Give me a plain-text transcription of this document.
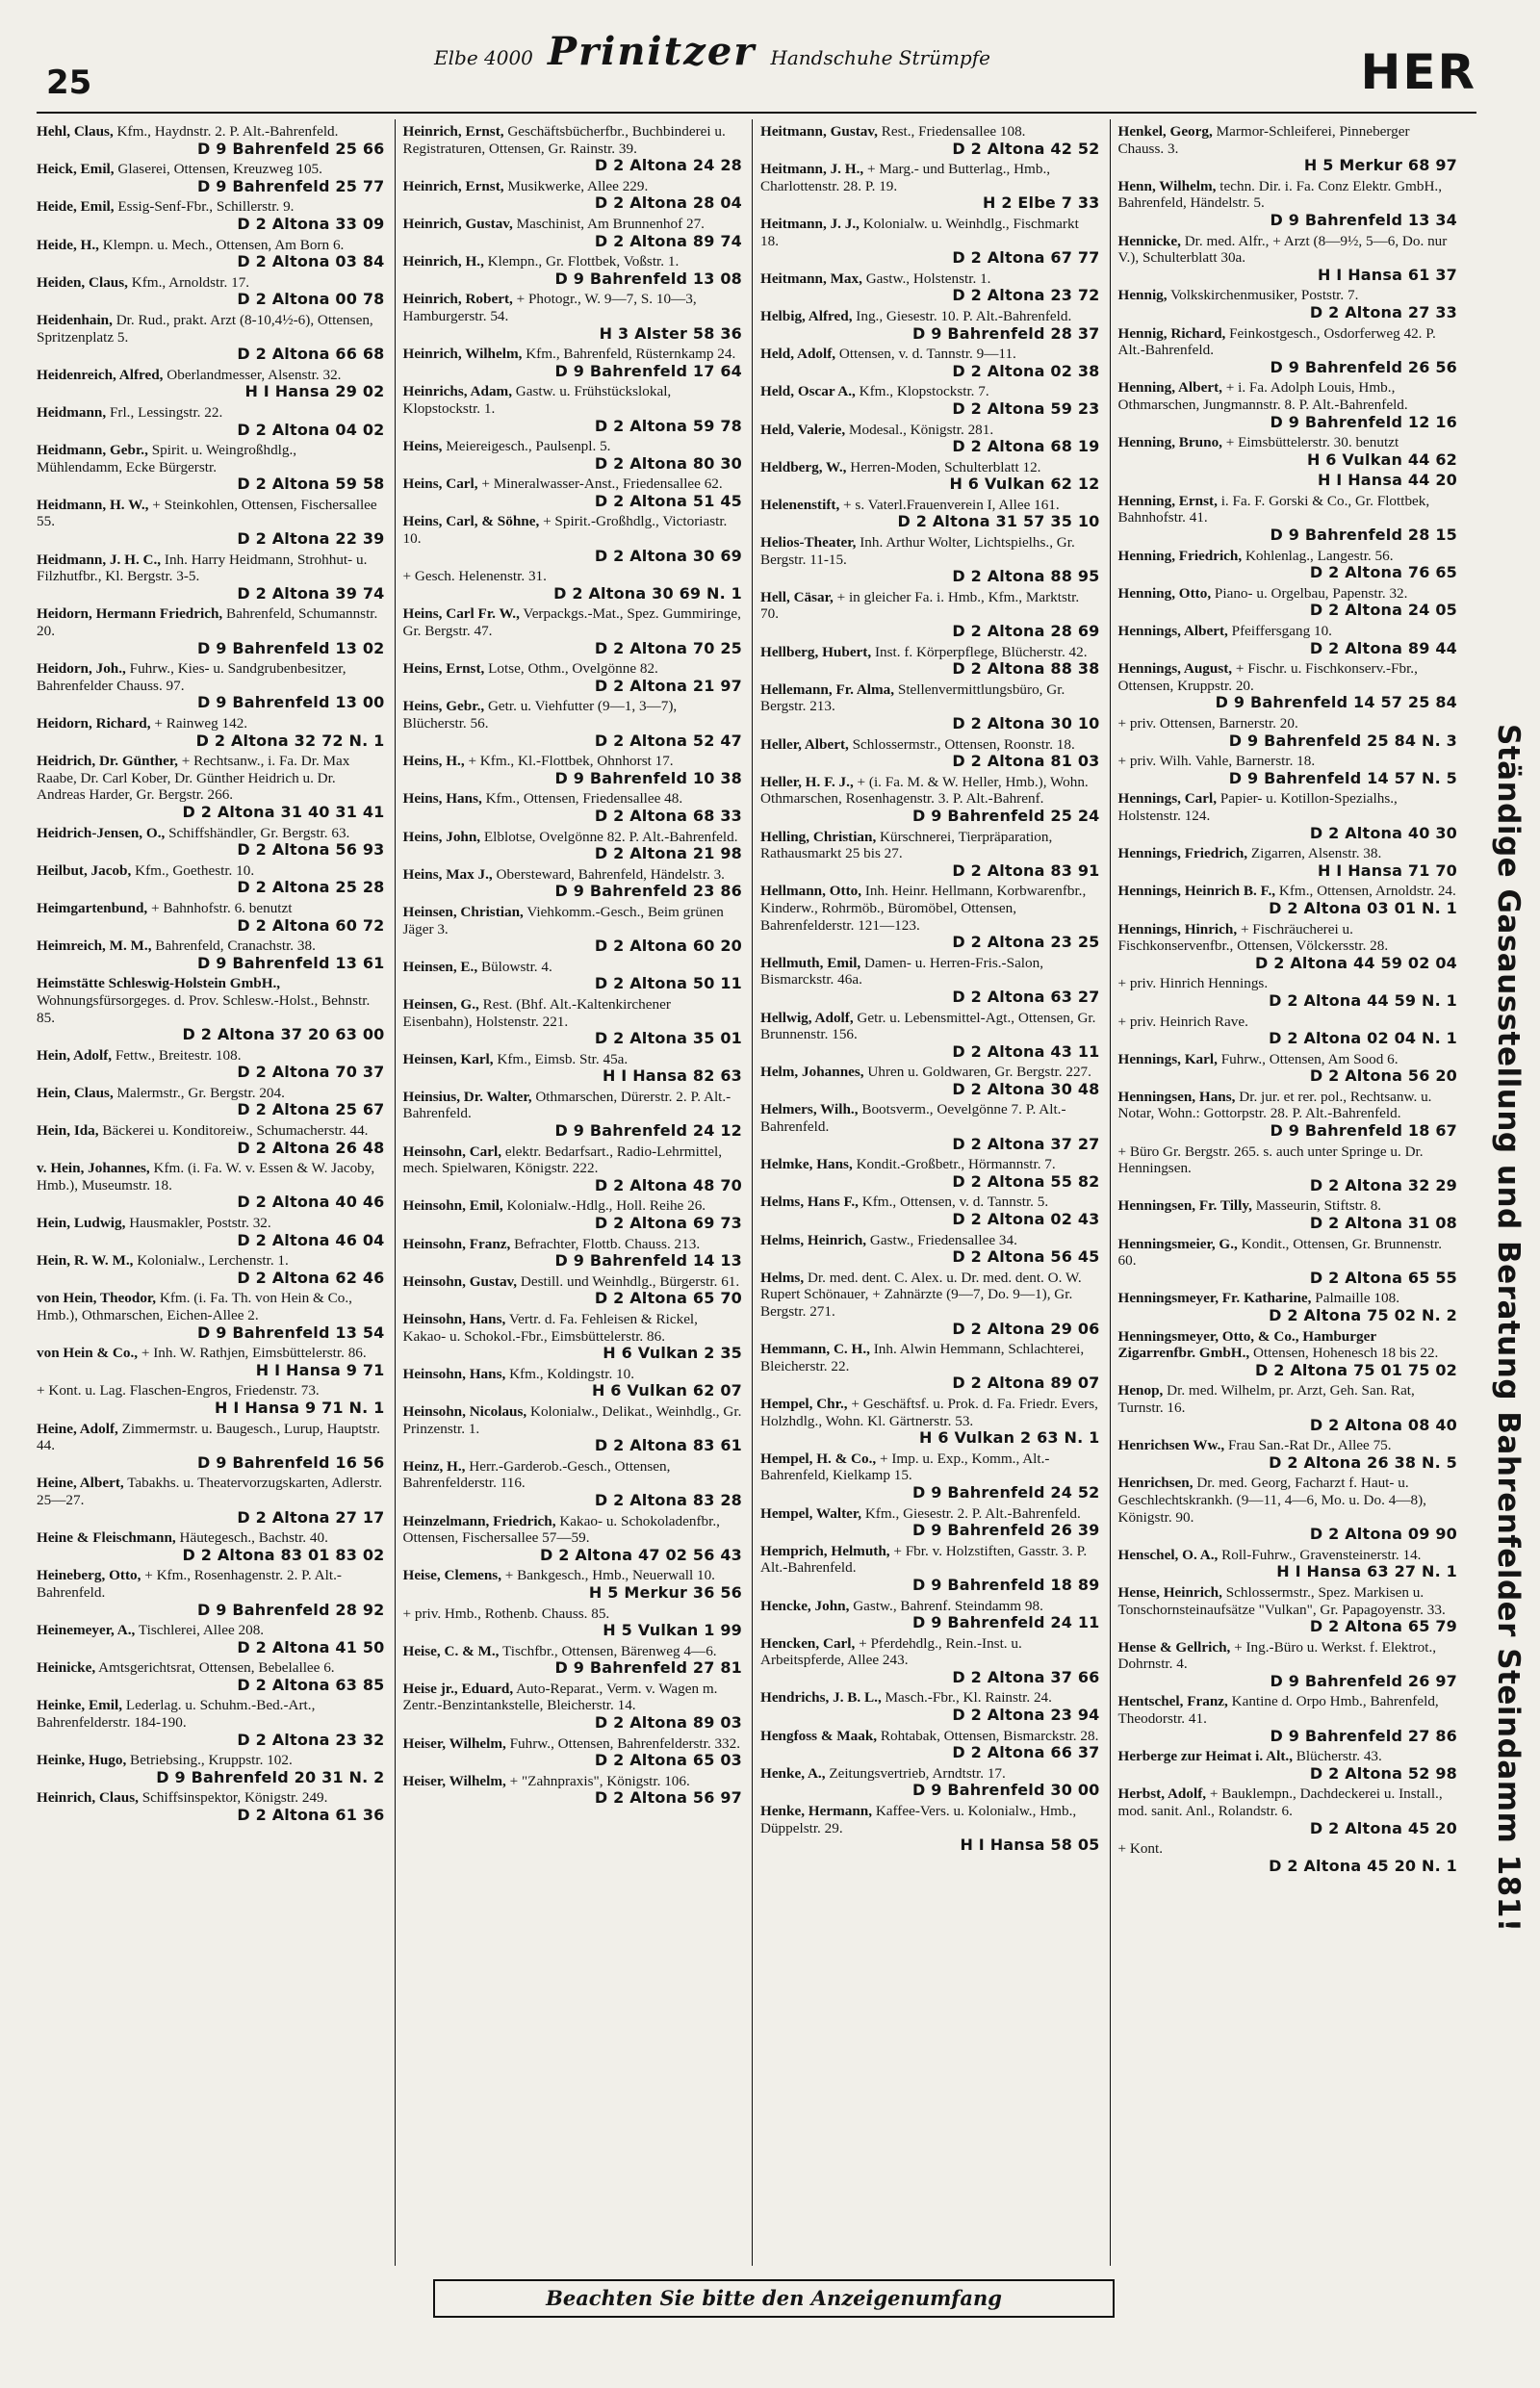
25
Elbe 4000 Prinitzer Handschuhe Strümpfe	HER

Hehl, Claus, Kfm., Haydnstr. 2. P. Alt.-Bahrenfeld.
D 9 Bahrenfeld 25 66

Heick, Emil, Glaserei, Ottensen, Kreuzweg 105.
D 9 Bahrenfeld 25 77

Heide, Emil, Essig-Senf-Fbr., Schillerstr. 9.
D 2 Altona 33 09

Heide, H., Klempn. u. Mech., Ottensen, Am Born 6.
D 2 Altona 03 84

Heiden, Claus, Kfm., Arnoldstr. 17.
D 2 Altona 00 78

Heidenhain, Dr. Rud., prakt. Arzt (8-10,4½-6), Ottensen, Spritzenplatz 5.
D 2 Altona 66 68

Heidenreich, Alfred, Oberlandmesser, Alsenstr. 32.
H I Hansa 29 02

Heidmann, Frl., Lessingstr. 22.
D 2 Altona 04 02

Heidmann, Gebr., Spirit. u. Weingroßhdlg., Mühlendamm, Ecke Bürgerstr.
D 2 Altona 59 58

Heidmann, H. W., + Steinkohlen, Ottensen, Fischersallee 55.
D 2 Altona 22 39

Heidmann, J. H. C., Inh. Harry Heidmann, Strohhut- u. Filzhutfbr., Kl. Bergstr. 3-5.
D 2 Altona 39 74

Heidorn, Hermann Friedrich, Bahrenfeld, Schumannstr. 20.
D 9 Bahrenfeld 13 02

Heidorn, Joh., Fuhrw., Kies- u. Sandgrubenbesitzer, Bahrenfelder Chauss. 97.
D 9 Bahrenfeld 13 00

Heidorn, Richard, + Rainweg 142.
D 2 Altona 32 72 N. 1

Heidrich, Dr. Günther, + Rechtsanw., i. Fa. Dr. Max Raabe, Dr. Carl Kober, Dr. Günther Heidrich u. Dr. Andreas Harder, Gr. Bergstr. 266.
D 2 Altona 31 40 31 41

Heidrich-Jensen, O., Schiffshändler, Gr. Bergstr. 63.
D 2 Altona 56 93

Heilbut, Jacob, Kfm., Goethestr. 10.
D 2 Altona 25 28

Heimgartenbund, + Bahnhofstr. 6. benutzt
D 2 Altona 60 72

Heimreich, M. M., Bahrenfeld, Cranachstr. 38.
D 9 Bahrenfeld 13 61

Heimstätte Schleswig-Holstein GmbH., Wohnungsfürsorgeges. d. Prov. Schlesw.-Holst., Behnstr. 85.
D 2 Altona 37 20 63 00

Hein, Adolf, Fettw., Breitestr. 108.
D 2 Altona 70 37

Hein, Claus, Malermstr., Gr. Bergstr. 204.
D 2 Altona 25 67

Hein, Ida, Bäckerei u. Konditoreiw., Schumacherstr. 44.
D 2 Altona 26 48

v. Hein, Johannes, Kfm. (i. Fa. W. v. Essen & W. Jacoby, Hmb.), Museumstr. 18.
D 2 Altona 40 46

Hein, Ludwig, Hausmakler, Poststr. 32.
D 2 Altona 46 04

Hein, R. W. M., Kolonialw., Lerchenstr. 1.
D 2 Altona 62 46

von Hein, Theodor, Kfm. (i. Fa. Th. von Hein & Co., Hmb.), Othmarschen, Eichen-Allee 2.
D 9 Bahrenfeld 13 54

von Hein & Co., + Inh. W. Rathjen, Eimsbüttelerstr. 86.
H I Hansa 9 71

+ Kont. u. Lag. Flaschen-Engros, Friedenstr. 73.
H I Hansa 9 71 N. 1

Heine, Adolf, Zimmermstr. u. Baugesch., Lurup, Hauptstr. 44.
D 9 Bahrenfeld 16 56

Heine, Albert, Tabakhs. u. Theatervorzugskarten, Adlerstr. 25—27.
D 2 Altona 27 17

Heine & Fleischmann, Häutegesch., Bachstr. 40.
D 2 Altona 83 01 83 02

Heineberg, Otto, + Kfm., Rosenhagenstr. 2. P. Alt.-Bahrenfeld.
D 9 Bahrenfeld 28 92

Heinemeyer, A., Tischlerei, Allee 208.
D 2 Altona 41 50

Heinicke, Amtsgerichtsrat, Ottensen, Bebelallee 6.
D 2 Altona 63 85

Heinke, Emil, Lederlag. u. Schuhm.-Bed.-Art., Bahrenfelderstr. 184-190.
D 2 Altona 23 32

Heinke, Hugo, Betriebsing., Kruppstr. 102.
D 9 Bahrenfeld 20 31 N. 2

Heinrich, Claus, Schiffsinspektor, Königstr. 249.
D 2 Altona 61 36

Heinrich, Ernst, Geschäftsbücherfbr., Buchbinderei u. Registraturen, Ottensen, Gr. Rainstr. 39.
D 2 Altona 24 28

Heinrich, Ernst, Musikwerke, Allee 229.
D 2 Altona 28 04

Heinrich, Gustav, Maschinist, Am Brunnenhof 27.
D 2 Altona 89 74

Heinrich, H., Klempn., Gr. Flottbek, Voßstr. 1.
D 9 Bahrenfeld 13 08

Heinrich, Robert, + Photogr., W. 9—7, S. 10—3, Hamburgerstr. 54.
H 3 Alster 58 36

Heinrich, Wilhelm, Kfm., Bahrenfeld, Rüsternkamp 24.
D 9 Bahrenfeld 17 64

Heinrichs, Adam, Gastw. u. Frühstückslokal, Klopstockstr. 1.
D 2 Altona 59 78

Heins, Meiereigesch., Paulsenpl. 5.
D 2 Altona 80 30

Heins, Carl, + Mineralwasser-Anst., Friedensallee 62.
D 2 Altona 51 45

Heins, Carl, & Söhne, + Spirit.-Großhdlg., Victoriastr. 10.
D 2 Altona 30 69

+ Gesch. Helenenstr. 31.
D 2 Altona 30 69 N. 1

Heins, Carl Fr. W., Verpackgs.-Mat., Spez. Gummiringe, Gr. Bergstr. 47.
D 2 Altona 70 25

Heins, Ernst, Lotse, Othm., Ovelgönne 82.
D 2 Altona 21 97

Heins, Gebr., Getr. u. Viehfutter (9—1, 3—7), Blücherstr. 56.
D 2 Altona 52 47

Heins, H., + Kfm., Kl.-Flottbek, Ohnhorst 17.
D 9 Bahrenfeld 10 38

Heins, Hans, Kfm., Ottensen, Friedensallee 48.
D 2 Altona 68 33

Heins, John, Elblotse, Ovelgönne 82. P. Alt.-Bahrenfeld.
D 2 Altona 21 98

Heins, Max J., Obersteward, Bahrenfeld, Händelstr. 3.
D 9 Bahrenfeld 23 86

Heinsen, Christian, Viehkomm.-Gesch., Beim grünen Jäger 3.
D 2 Altona 60 20

Heinsen, E., Bülowstr. 4.
D 2 Altona 50 11

Heinsen, G., Rest. (Bhf. Alt.-Kaltenkirchener Eisenbahn), Holstenstr. 221.
D 2 Altona 35 01

Heinsen, Karl, Kfm., Eimsb. Str. 45a.
H I Hansa 82 63

Heinsius, Dr. Walter, Othmarschen, Dürerstr. 2. P. Alt.-Bahrenfeld.
D 9 Bahrenfeld 24 12

Heinsohn, Carl, elektr. Bedarfsart., Radio-Lehrmittel, mech. Spielwaren, Königstr. 222.
D 2 Altona 48 70

Heinsohn, Emil, Kolonialw.-Hdlg., Holl. Reihe 26.
D 2 Altona 69 73

Heinsohn, Franz, Befrachter, Flottb. Chauss. 213.
D 9 Bahrenfeld 14 13

Heinsohn, Gustav, Destill. und Weinhdlg., Bürgerstr. 61.
D 2 Altona 65 70

Heinsohn, Hans, Vertr. d. Fa. Fehleisen & Rickel, Kakao- u. Schokol.-Fbr., Eimsbüttelerstr. 86.
H 6 Vulkan 2 35

Heinsohn, Hans, Kfm., Koldingstr. 10.
H 6 Vulkan 62 07

Heinsohn, Nicolaus, Kolonialw., Delikat., Weinhdlg., Gr. Prinzenstr. 1.
D 2 Altona 83 61

Heinz, H., Herr.-Garderob.-Gesch., Ottensen, Bahrenfelderstr. 116.
D 2 Altona 83 28

Heinzelmann, Friedrich, Kakao- u. Schokoladenfbr., Ottensen, Fischersallee 57—59.
D 2 Altona 47 02 56 43

Heise, Clemens, + Bankgesch., Hmb., Neuerwall 10.
H 5 Merkur 36 56

+ priv. Hmb., Rothenb. Chauss. 85.
H 5 Vulkan 1 99

Heise, C. & M., Tischfbr., Ottensen, Bärenweg 4—6.
D 9 Bahrenfeld 27 81

Heise jr., Eduard, Auto-Reparat., Verm. v. Wagen m. Zentr.-Benzintankstelle, Bleicherstr. 14.
D 2 Altona 89 03

Heiser, Wilhelm, Fuhrw., Ottensen, Bahrenfelderstr. 332.
D 2 Altona 65 03

Heiser, Wilhelm, + "Zahnpraxis", Königstr. 106.
D 2 Altona 56 97

Heitmann, Gustav, Rest., Friedensallee 108.
D 2 Altona 42 52

Heitmann, J. H., + Marg.- und Butterlag., Hmb., Charlottenstr. 28. P. 19.
H 2 Elbe 7 33

Heitmann, J. J., Kolonialw. u. Weinhdlg., Fischmarkt 18.
D 2 Altona 67 77

Heitmann, Max, Gastw., Holstenstr. 1.
D 2 Altona 23 72

Helbig, Alfred, Ing., Giesestr. 10. P. Alt.-Bahrenfeld.
D 9 Bahrenfeld 28 37

Held, Adolf, Ottensen, v. d. Tannstr. 9—11.
D 2 Altona 02 38

Held, Oscar A., Kfm., Klopstockstr. 7.
D 2 Altona 59 23

Held, Valerie, Modesal., Königstr. 281.
D 2 Altona 68 19

Heldberg, W., Herren-Moden, Schulterblatt 12.
H 6 Vulkan 62 12

Helenenstift, + s. Vaterl.Frauenverein I, Allee 161.
D 2 Altona 31 57 35 10

Helios-Theater, Inh. Arthur Wolter, Lichtspielhs., Gr. Bergstr. 11-15.
D 2 Altona 88 95

Hell, Cäsar, + in gleicher Fa. i. Hmb., Kfm., Marktstr. 70.
D 2 Altona 28 69

Hellberg, Hubert, Inst. f. Körperpflege, Blücherstr. 42.
D 2 Altona 88 38

Hellemann, Fr. Alma, Stellenvermittlungsbüro, Gr. Bergstr. 213.
D 2 Altona 30 10

Heller, Albert, Schlossermstr., Ottensen, Roonstr. 18.
D 2 Altona 81 03

Heller, H. F. J., + (i. Fa. M. & W. Heller, Hmb.), Wohn. Othmarschen, Rosenhagenstr. 3. P. Alt.-Bahrenf.
D 9 Bahrenfeld 25 24

Helling, Christian, Kürschnerei, Tierpräparation, Rathausmarkt 25 bis 27.
D 2 Altona 83 91

Hellmann, Otto, Inh. Heinr. Hellmann, Korbwarenfbr., Kinderw., Rohrmöb., Büromöbel, Ottensen, Bahrenfelderstr. 121—123.
D 2 Altona 23 25

Hellmuth, Emil, Damen- u. Herren-Fris.-Salon, Bismarckstr. 46a.
D 2 Altona 63 27

Hellwig, Adolf, Getr. u. Lebensmittel-Agt., Ottensen, Gr. Brunnenstr. 156.
D 2 Altona 43 11

Helm, Johannes, Uhren u. Goldwaren, Gr. Bergstr. 227.
D 2 Altona 30 48

Helmers, Wilh., Bootsverm., Oevelgönne 7. P. Alt.-Bahrenfeld.
D 2 Altona 37 27

Helmke, Hans, Kondit.-Großbetr., Hörmannstr. 7.
D 2 Altona 55 82

Helms, Hans F., Kfm., Ottensen, v. d. Tannstr. 5.
D 2 Altona 02 43

Helms, Heinrich, Gastw., Friedensallee 34.
D 2 Altona 56 45

Helms, Dr. med. dent. C. Alex. u. Dr. med. dent. O. W. Rupert Schönauer, + Zahnärzte (9—7, Do. 9—1), Gr. Bergstr. 271.
D 2 Altona 29 06

Hemmann, C. H., Inh. Alwin Hemmann, Schlachterei, Bleicherstr. 22.
D 2 Altona 89 07

Hempel, Chr., + Geschäftsf. u. Prok. d. Fa. Friedr. Evers, Holzhdlg., Wohn. Kl. Gärtnerstr. 53.
H 6 Vulkan 2 63 N. 1

Hempel, H. & Co., + Imp. u. Exp., Komm., Alt.-Bahrenfeld, Kielkamp 15.
D 9 Bahrenfeld 24 52

Hempel, Walter, Kfm., Giesestr. 2. P. Alt.-Bahrenfeld.
D 9 Bahrenfeld 26 39

Hemprich, Helmuth, + Fbr. v. Holzstiften, Gasstr. 3. P. Alt.-Bahrenfeld.
D 9 Bahrenfeld 18 89

Hencke, John, Gastw., Bahrenf. Steindamm 98.
D 9 Bahrenfeld 24 11

Hencken, Carl, + Pferdehdlg., Rein.-Inst. u. Arbeitspferde, Allee 243.
D 2 Altona 37 66

Hendrichs, J. B. L., Masch.-Fbr., Kl. Rainstr. 24.
D 2 Altona 23 94

Hengfoss & Maak, Rohtabak, Ottensen, Bismarckstr. 28.
D 2 Altona 66 37

Henke, A., Zeitungsvertrieb, Arndtstr. 17.
D 9 Bahrenfeld 30 00

Henke, Hermann, Kaffee-Vers. u. Kolonialw., Hmb., Düppelstr. 29.
H I Hansa 58 05

Henkel, Georg, Marmor-Schleiferei, Pinneberger Chauss. 3.
H 5 Merkur 68 97

Henn, Wilhelm, techn. Dir. i. Fa. Conz Elektr. GmbH., Bahrenfeld, Händelstr. 5.
D 9 Bahrenfeld 13 34

Hennicke, Dr. med. Alfr., + Arzt (8—9½, 5—6, Do. nur V.), Schulterblatt 30a.
H I Hansa 61 37

Hennig, Volkskirchenmusiker, Poststr. 7.
D 2 Altona 27 33

Hennig, Richard, Feinkostgesch., Osdorferweg 42. P. Alt.-Bahrenfeld.
D 9 Bahrenfeld 26 56

Henning, Albert, + i. Fa. Adolph Louis, Hmb., Othmarschen, Jungmannstr. 8. P. Alt.-Bahrenfeld.
D 9 Bahrenfeld 12 16

Henning, Bruno, + Eimsbüttelerstr. 30. benutzt
H 6 Vulkan 44 62

H I Hansa 44 20

Henning, Ernst, i. Fa. F. Gorski & Co., Gr. Flottbek, Bahnhofstr. 41.
D 9 Bahrenfeld 28 15

Henning, Friedrich, Kohlenlag., Langestr. 56.
D 2 Altona 76 65

Henning, Otto, Piano- u. Orgelbau, Papenstr. 32.
D 2 Altona 24 05

Hennings, Albert, Pfeiffersgang 10.
D 2 Altona 89 44

Hennings, August, + Fischr. u. Fischkonserv.-Fbr., Ottensen, Kruppstr. 20.
D 9 Bahrenfeld 14 57 25 84

+ priv. Ottensen, Barnerstr. 20.
D 9 Bahrenfeld 25 84 N. 3

+ priv. Wilh. Vahle, Barnerstr. 18.
D 9 Bahrenfeld 14 57 N. 5

Hennings, Carl, Papier- u. Kotillon-Spezialhs., Holstenstr. 124.
D 2 Altona 40 30

Hennings, Friedrich, Zigarren, Alsenstr. 38.
H I Hansa 71 70

Hennings, Heinrich B. F., Kfm., Ottensen, Arnoldstr. 24.
D 2 Altona 03 01 N. 1

Hennings, Hinrich, + Fischräucherei u. Fischkonservenfbr., Ottensen, Völckersstr. 28.
D 2 Altona 44 59 02 04

+ priv. Hinrich Hennings.
D 2 Altona 44 59 N. 1

+ priv. Heinrich Rave.
D 2 Altona 02 04 N. 1

Hennings, Karl, Fuhrw., Ottensen, Am Sood 6.
D 2 Altona 56 20

Henningsen, Hans, Dr. jur. et rer. pol., Rechtsanw. u. Notar, Wohn.: Gottorpstr. 28. P. Alt.-Bahrenfeld.
D 9 Bahrenfeld 18 67

+ Büro Gr. Bergstr. 265. s. auch unter Springe u. Dr. Henningsen.
D 2 Altona 32 29

Henningsen, Fr. Tilly, Masseurin, Stiftstr. 8.
D 2 Altona 31 08

Henningsmeier, G., Kondit., Ottensen, Gr. Brunnenstr. 60.
D 2 Altona 65 55

Henningsmeyer, Fr. Katharine, Palmaille 108.
D 2 Altona 75 02 N. 2

Henningsmeyer, Otto, & Co., Hamburger Zigarrenfbr. GmbH., Ottensen, Hohenesch 18 bis 22.
D 2 Altona 75 01 75 02

Henop, Dr. med. Wilhelm, pr. Arzt, Geh. San. Rat, Turnstr. 16.
D 2 Altona 08 40

Henrichsen Ww., Frau San.-Rat Dr., Allee 75.
D 2 Altona 26 38 N. 5

Henrichsen, Dr. med. Georg, Facharzt f. Haut- u. Geschlechtskrankh. (9—11, 4—6, Mo. u. Do. 4—8), Königstr. 90.
D 2 Altona 09 90

Henschel, O. A., Roll-Fuhrw., Gravensteinerstr. 14.
H I Hansa 63 27 N. 1

Hense, Heinrich, Schlossermstr., Spez. Markisen u. Tonschornsteinaufsätze "Vulkan", Gr. Papagoyenstr. 33.
D 2 Altona 65 79

Hense & Gellrich, + Ing.-Büro u. Werkst. f. Elektrot., Dohrnstr. 4.
D 9 Bahrenfeld 26 97

Hentschel, Franz, Kantine d. Orpo Hmb., Bahrenfeld, Theodorstr. 41.
D 9 Bahrenfeld 27 86

Herberge zur Heimat i. Alt., Blücherstr. 43.
D 2 Altona 52 98

Herbst, Adolf, + Bauklempn., Dachdeckerei u. Install., mod. sanit. Anl., Rolandstr. 6.
D 2 Altona 45 20

+ Kont.
D 2 Altona 45 20 N. 1 Ständige Gasausstellung und Beratung Bahrenfelder Steindamm 181!
Beachten Sie bitte den Anzeigenumfang
